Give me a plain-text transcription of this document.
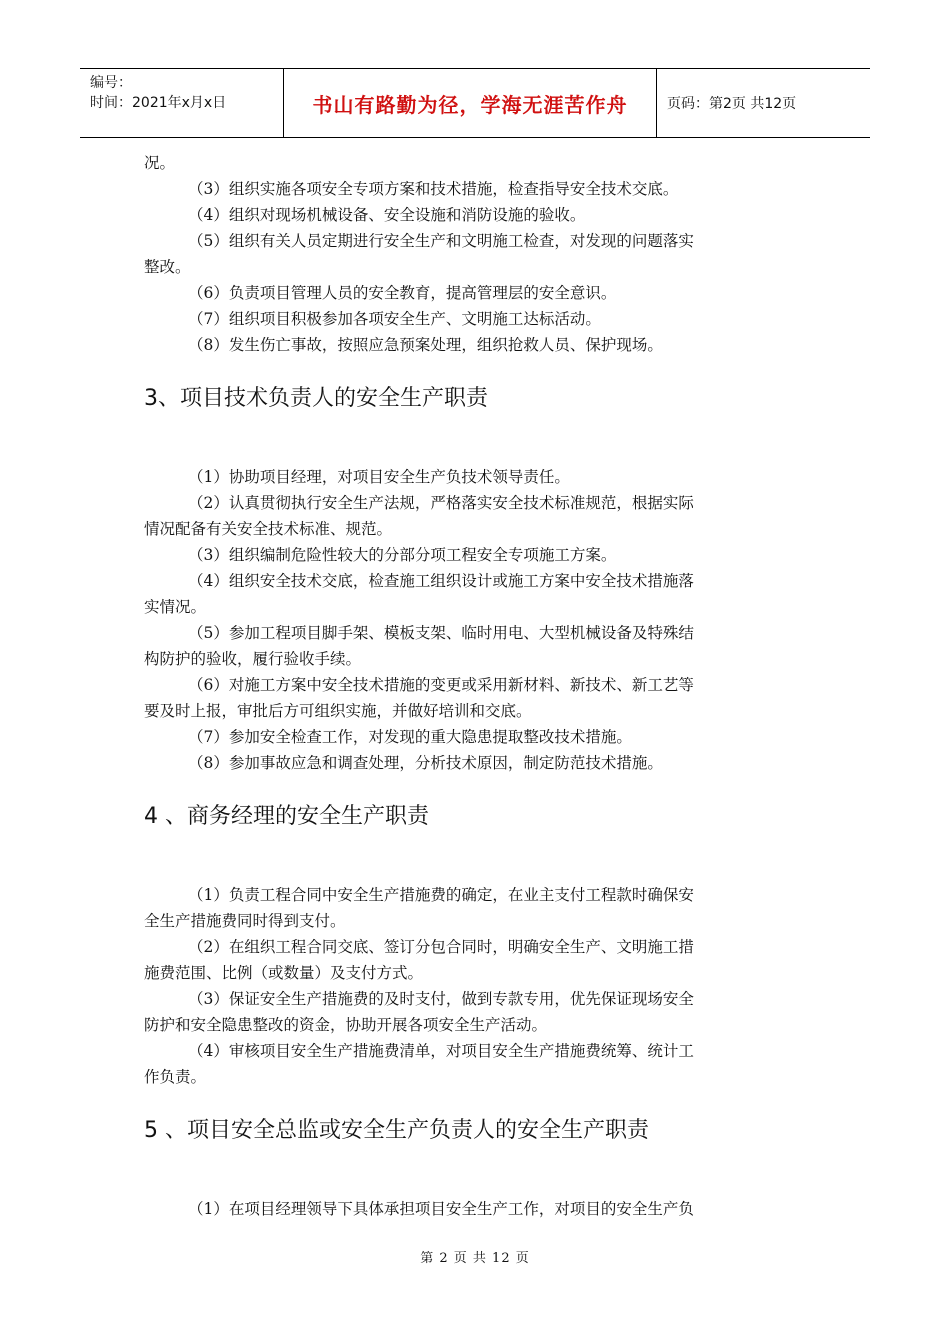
编号：
时间：2021年x月x日	书山有路勤为径，学海无涯苦作舟	页码：第2页 共12页

况。

（3）组织实施各项安全专项方案和技术措施，检查指导安全技术交底。

（4）组织对现场机械设备、安全设施和消防设施的验收。

（5）组织有关人员定期进行安全生产和文明施工检查，对发现的问题落实

整改。

（6）负责项目管理人员的安全教育，提高管理层的安全意识。

（7）组织项目积极参加各项安全生产、文明施工达标活动。

（8）发生伤亡事故，按照应急预案处理，组织抢救人员、保护现场。

3、项目技术负责人的安全生产职责

（1）协助项目经理，对项目安全生产负技术领导责任。

（2）认真贯彻执行安全生产法规，严格落实安全技术标准规范，根据实际

情况配备有关安全技术标准、规范。

（3）组织编制危险性较大的分部分项工程安全专项施工方案。

（4）组织安全技术交底，检查施工组织设计或施工方案中安全技术措施落

实情况。

（5）参加工程项目脚手架、模板支架、临时用电、大型机械设备及特殊结

构防护的验收，履行验收手续。

（6）对施工方案中安全技术措施的变更或采用新材料、新技术、新工艺等

要及时上报，审批后方可组织实施，并做好培训和交底。

（7）参加安全检查工作，对发现的重大隐患提取整改技术措施。

（8）参加事故应急和调查处理，分析技术原因，制定防范技术措施。

4 、商务经理的安全生产职责

（1）负责工程合同中安全生产措施费的确定，在业主支付工程款时确保安

全生产措施费同时得到支付。

（2）在组织工程合同交底、签订分包合同时，明确安全生产、文明施工措

施费范围、比例（或数量）及支付方式。

（3）保证安全生产措施费的及时支付，做到专款专用，优先保证现场安全

防护和安全隐患整改的资金，协助开展各项安全生产活动。

（4）审核项目安全生产措施费清单，对项目安全生产措施费统筹、统计工

作负责。

5 、项目安全总监或安全生产负责人的安全生产职责

（1）在项目经理领导下具体承担项目安全生产工作，对项目的安全生产负

第 2 页 共 12 页
